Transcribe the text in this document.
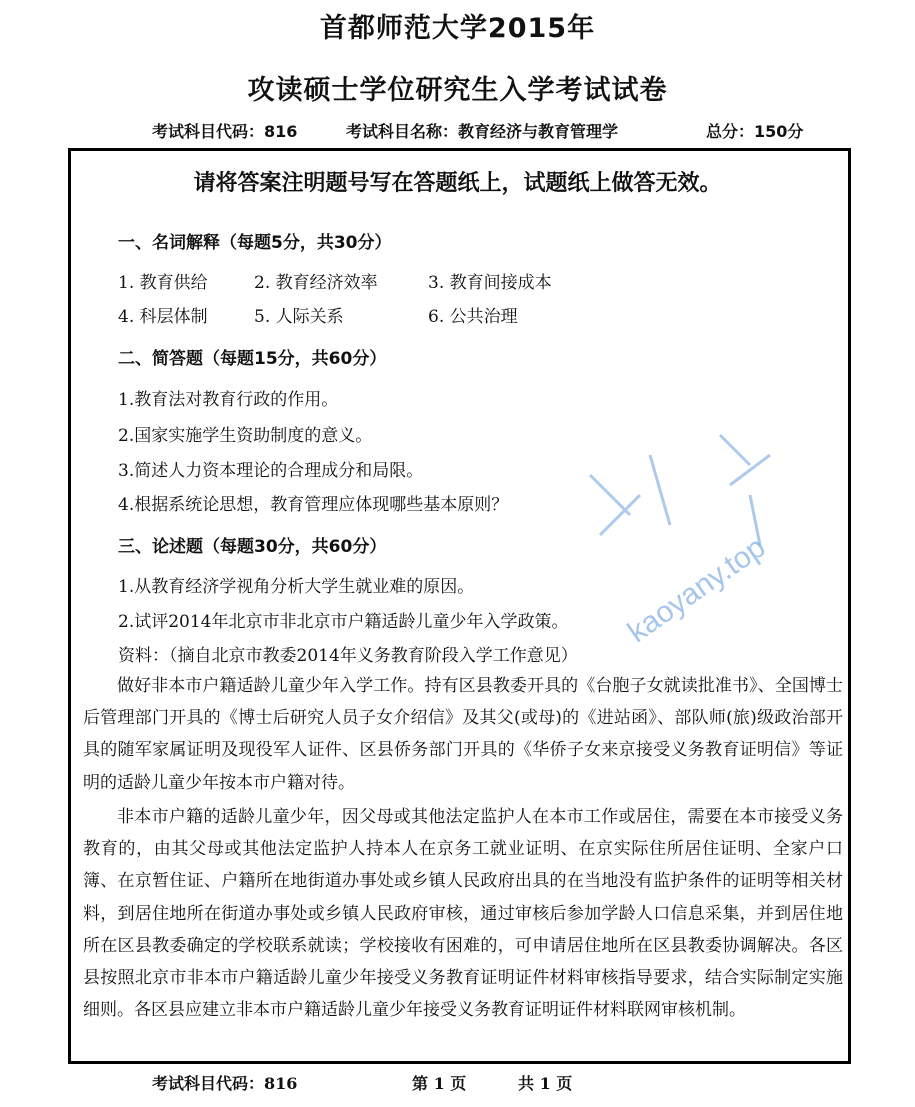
首都师范大学2015年
攻读硕士学位研究生入学考试试卷
考试科目代码：816	考试科目名称：教育经济与教育管理学	总分：150分
请将答案注明题号写在答题纸上，试题纸上做答无效。
一、名词解释（每题5分，共30分）
1. 教育供给	2. 教育经济效率	3. 教育间接成本
4. 科层体制	5. 人际关系	6. 公共治理
二、简答题（每题15分，共60分）
1.教育法对教育行政的作用。
2.国家实施学生资助制度的意义。
3.简述人力资本理论的合理成分和局限。
4.根据系统论思想，教育管理应体现哪些基本原则？
三、论述题（每题30分，共60分）
1.从教育经济学视角分析大学生就业难的原因。
2.试评2014年北京市非北京市户籍适龄儿童少年入学政策。
资料：（摘自北京市教委2014年义务教育阶段入学工作意见）

做好非本市户籍适龄儿童少年入学工作。持有区县教委开具的《台胞子女就读批准书》、全国博士后管理部门开具的《博士后研究人员子女介绍信》及其父(或母)的《进站函》、部队师(旅)级政治部开具的随军家属证明及现役军人证件、区县侨务部门开具的《华侨子女来京接受义务教育证明信》等证明的适龄儿童少年按本市户籍对待。

非本市户籍的适龄儿童少年，因父母或其他法定监护人在本市工作或居住，需要在本市接受义务教育的，由其父母或其他法定监护人持本人在京务工就业证明、在京实际住所居住证明、全家户口簿、在京暂住证、户籍所在地街道办事处或乡镇人民政府出具的在当地没有监护条件的证明等相关材料，到居住地所在街道办事处或乡镇人民政府审核，通过审核后参加学龄人口信息采集，并到居住地所在区县教委确定的学校联系就读；学校接收有困难的，可申请居住地所在区县教委协调解决。各区县按照北京市非本市户籍适龄儿童少年接受义务教育证明证件材料审核指导要求，结合实际制定实施细则。各区县应建立非本市户籍适龄儿童少年接受义务教育证明证件材料联网审核机制。

kaoyany.top
考试科目代码：816	第 1 页	共 1 页
